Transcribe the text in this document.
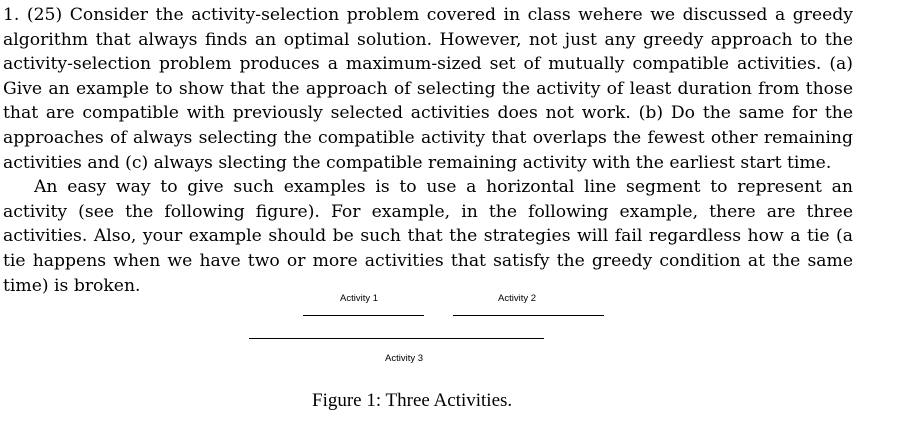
1. (25) Consider the activity-selection problem covered in class wehere we discussed a greedy algorithm that always finds an optimal solution. However, not just any greedy approach to the activity-selection problem produces a maximum-sized set of mutually compatible activities. (a) Give an example to show that the approach of selecting the activity of least duration from those that are compatible with previously selected activities does not work. (b) Do the same for the approaches of always selecting the compatible activity that overlaps the fewest other remaining activities and (c) always slecting the compatible remaining activity with the earliest start time.

An easy way to give such examples is to use a horizontal line segment to represent an activity (see the following figure). For example, in the following example, there are three activities. Also, your example should be such that the strategies will fail regardless how a tie (a tie happens when we have two or more activities that satisfy the greedy condition at the same time) is broken.

Activity 1	Activity 2
Activity 3
Figure 1: Three Activities.
